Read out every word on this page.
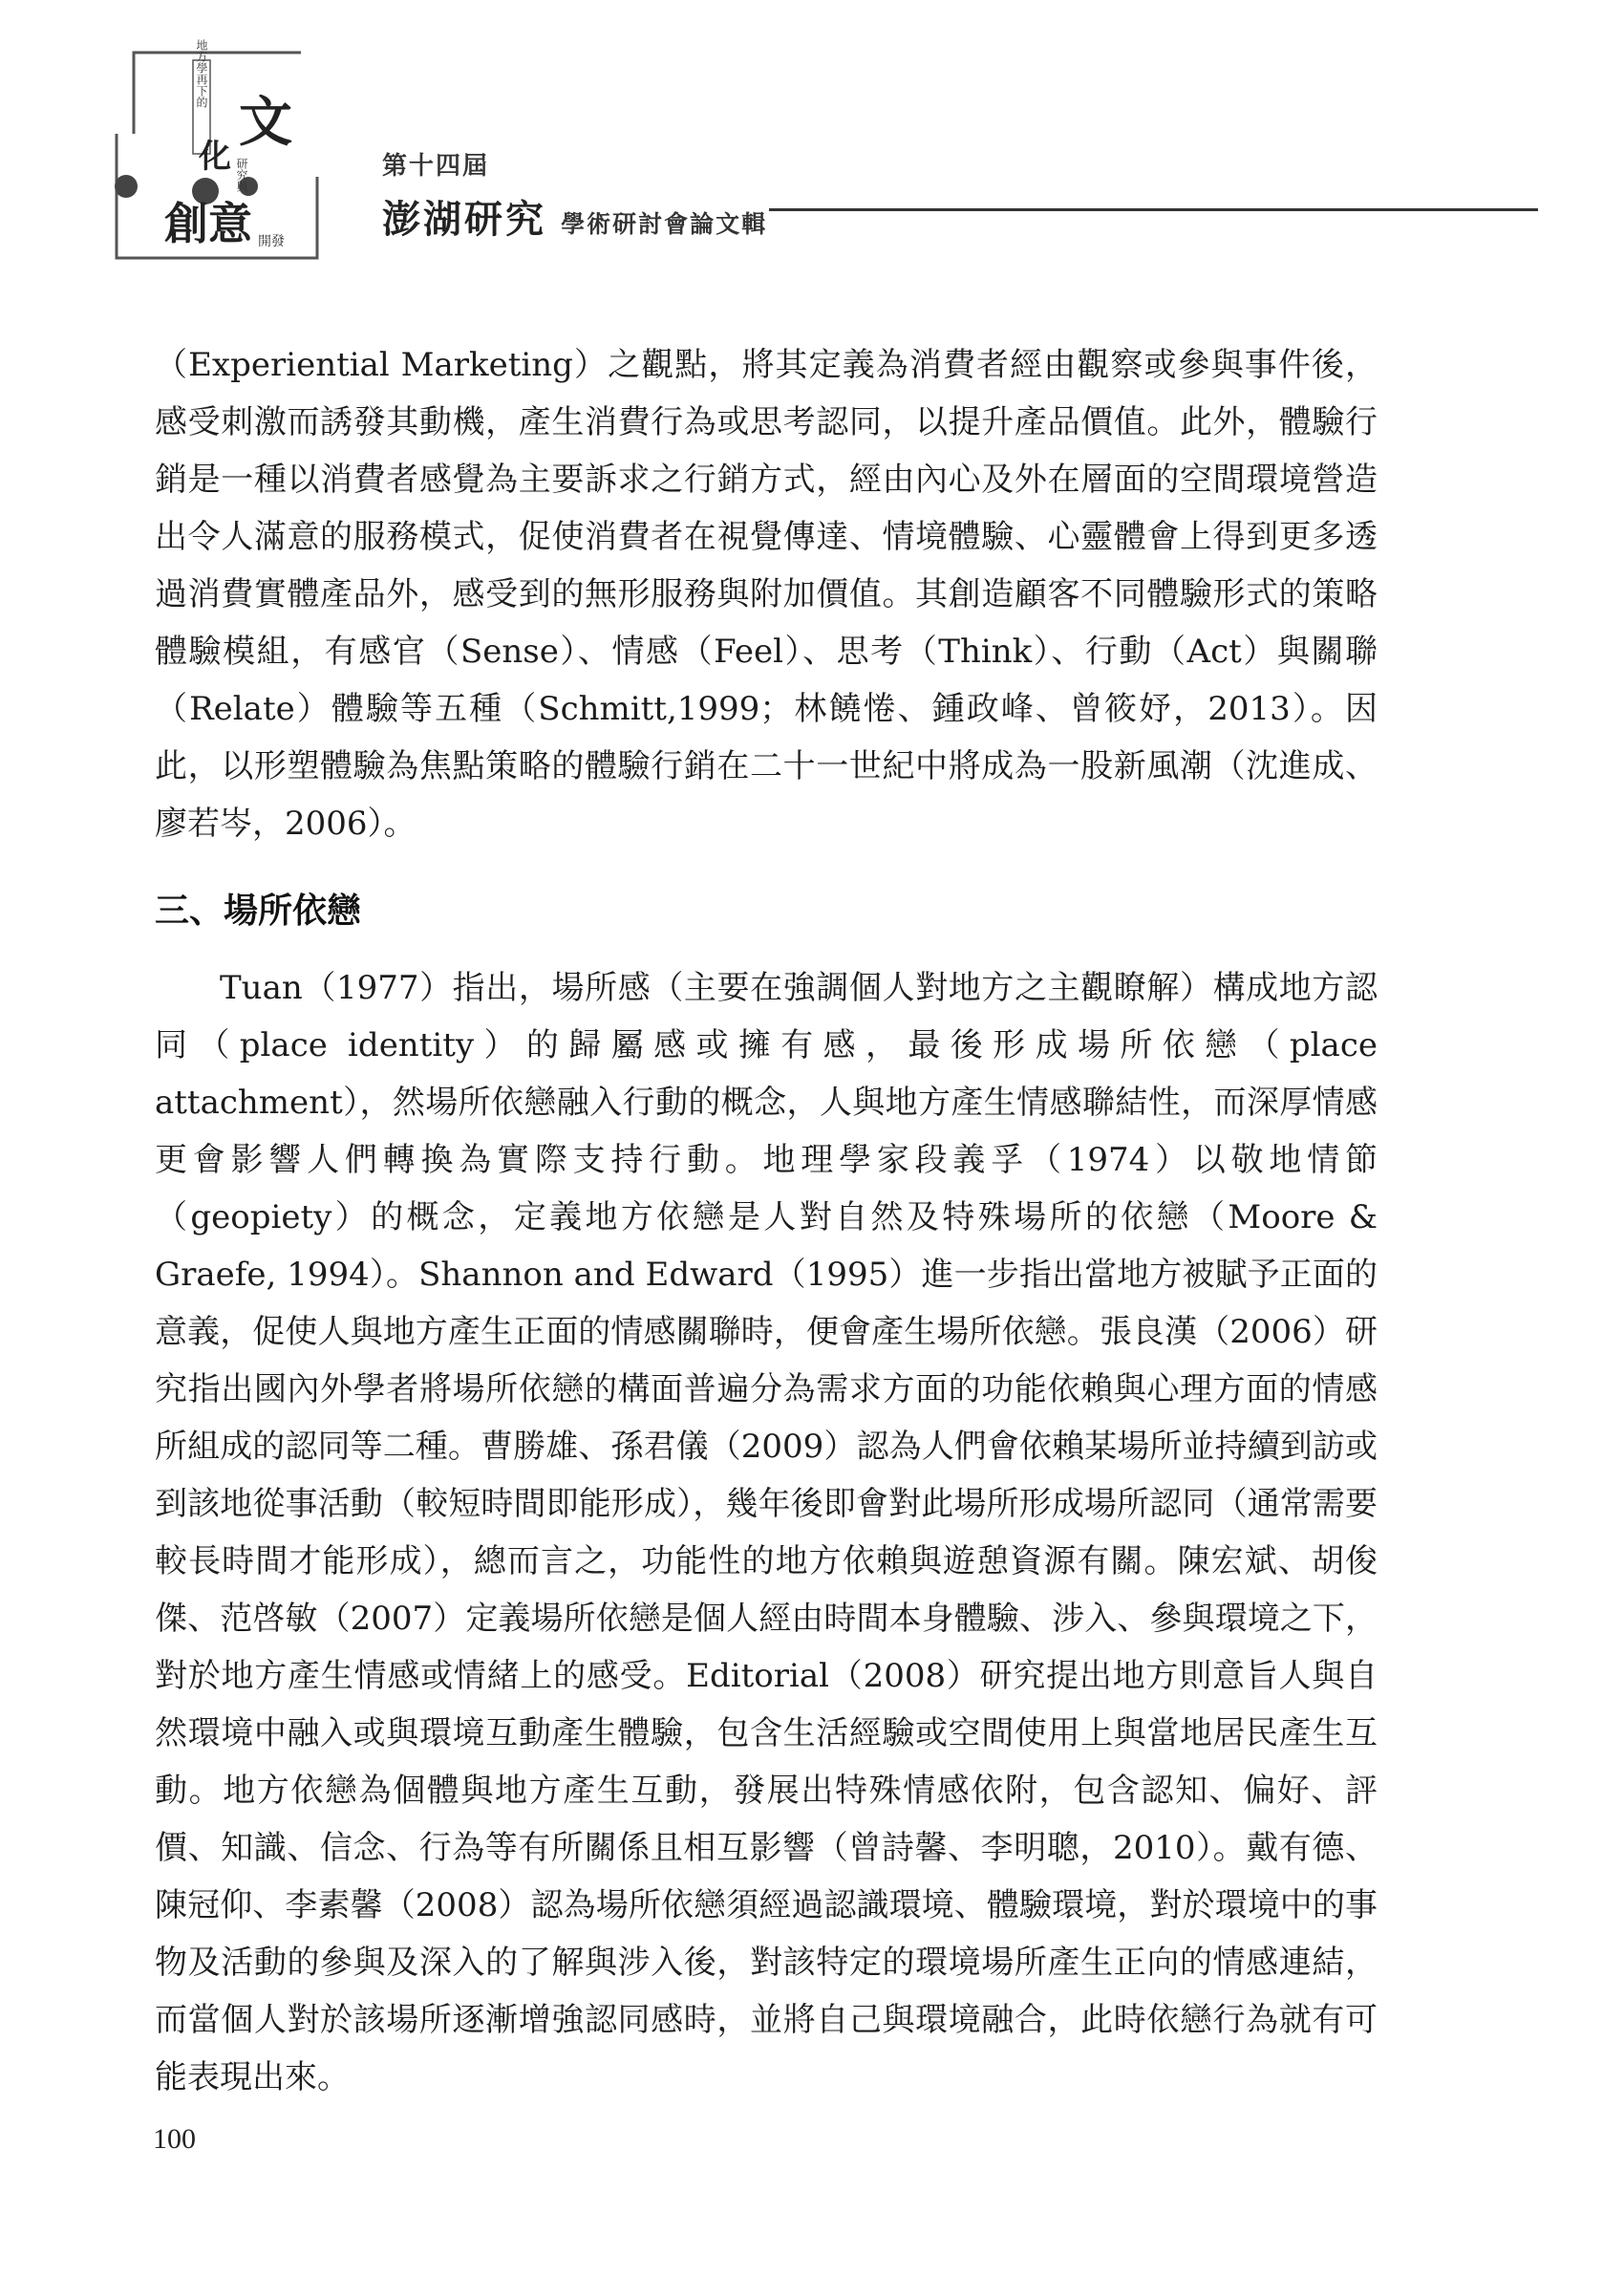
地方學再下的
文
化 研究與
創意 開發
第十四屆
澎湖研究 學術研討會論文輯

（Experiential Marketing）之觀點，將其定義為消費者經由觀察或參與事件後，感受刺激而誘發其動機，產生消費行為或思考認同，以提升產品價值。此外，體驗行銷是一種以消費者感覺為主要訴求之行銷方式，經由內心及外在層面的空間環境營造出令人滿意的服務模式，促使消費者在視覺傳達、情境體驗、心靈體會上得到更多透過消費實體產品外，感受到的無形服務與附加價值。其創造顧客不同體驗形式的策略體驗模組，有感官（Sense）、情感（Feel）、思考（Think）、行動（Act）與關聯（Relate）體驗等五種（Schmitt,1999；林饒惓、鍾政峰、曾筱妤，2013）。因此，以形塑體驗為焦點策略的體驗行銷在二十一世紀中將成為一股新風潮（沈進成、廖若岑，2006）。

三、場所依戀

Tuan（1977）指出，場所感（主要在強調個人對地方之主觀瞭解）構成地方認同（place identity）的歸屬感或擁有感，最後形成場所依戀（place attachment），然場所依戀融入行動的概念，人與地方產生情感聯結性，而深厚情感更會影響人們轉換為實際支持行動。地理學家段義孚（1974）以敬地情節（geopiety）的概念，定義地方依戀是人對自然及特殊場所的依戀（Moore & Graefe, 1994）。Shannon and Edward（1995）進一步指出當地方被賦予正面的意義，促使人與地方產生正面的情感關聯時，便會產生場所依戀。張良漢（2006）研究指出國內外學者將場所依戀的構面普遍分為需求方面的功能依賴與心理方面的情感所組成的認同等二種。曹勝雄、孫君儀（2009）認為人們會依賴某場所並持續到訪或到該地從事活動（較短時間即能形成），幾年後即會對此場所形成場所認同（通常需要較長時間才能形成），總而言之，功能性的地方依賴與遊憩資源有關。陳宏斌、胡俊傑、范啓敏（2007）定義場所依戀是個人經由時間本身體驗、涉入、參與環境之下，對於地方產生情感或情緒上的感受。Editorial（2008）研究提出地方則意旨人與自然環境中融入或與環境互動產生體驗，包含生活經驗或空間使用上與當地居民產生互動。地方依戀為個體與地方產生互動，發展出特殊情感依附，包含認知、偏好、評價、知識、信念、行為等有所關係且相互影響（曾詩馨、李明聰，2010）。戴有德、陳冠仰、李素馨（2008）認為場所依戀須經過認識環境、體驗環境，對於環境中的事物及活動的參與及深入的了解與涉入後，對該特定的環境場所產生正向的情感連結，而當個人對於該場所逐漸增強認同感時，並將自己與環境融合，此時依戀行為就有可能表現出來。

100
